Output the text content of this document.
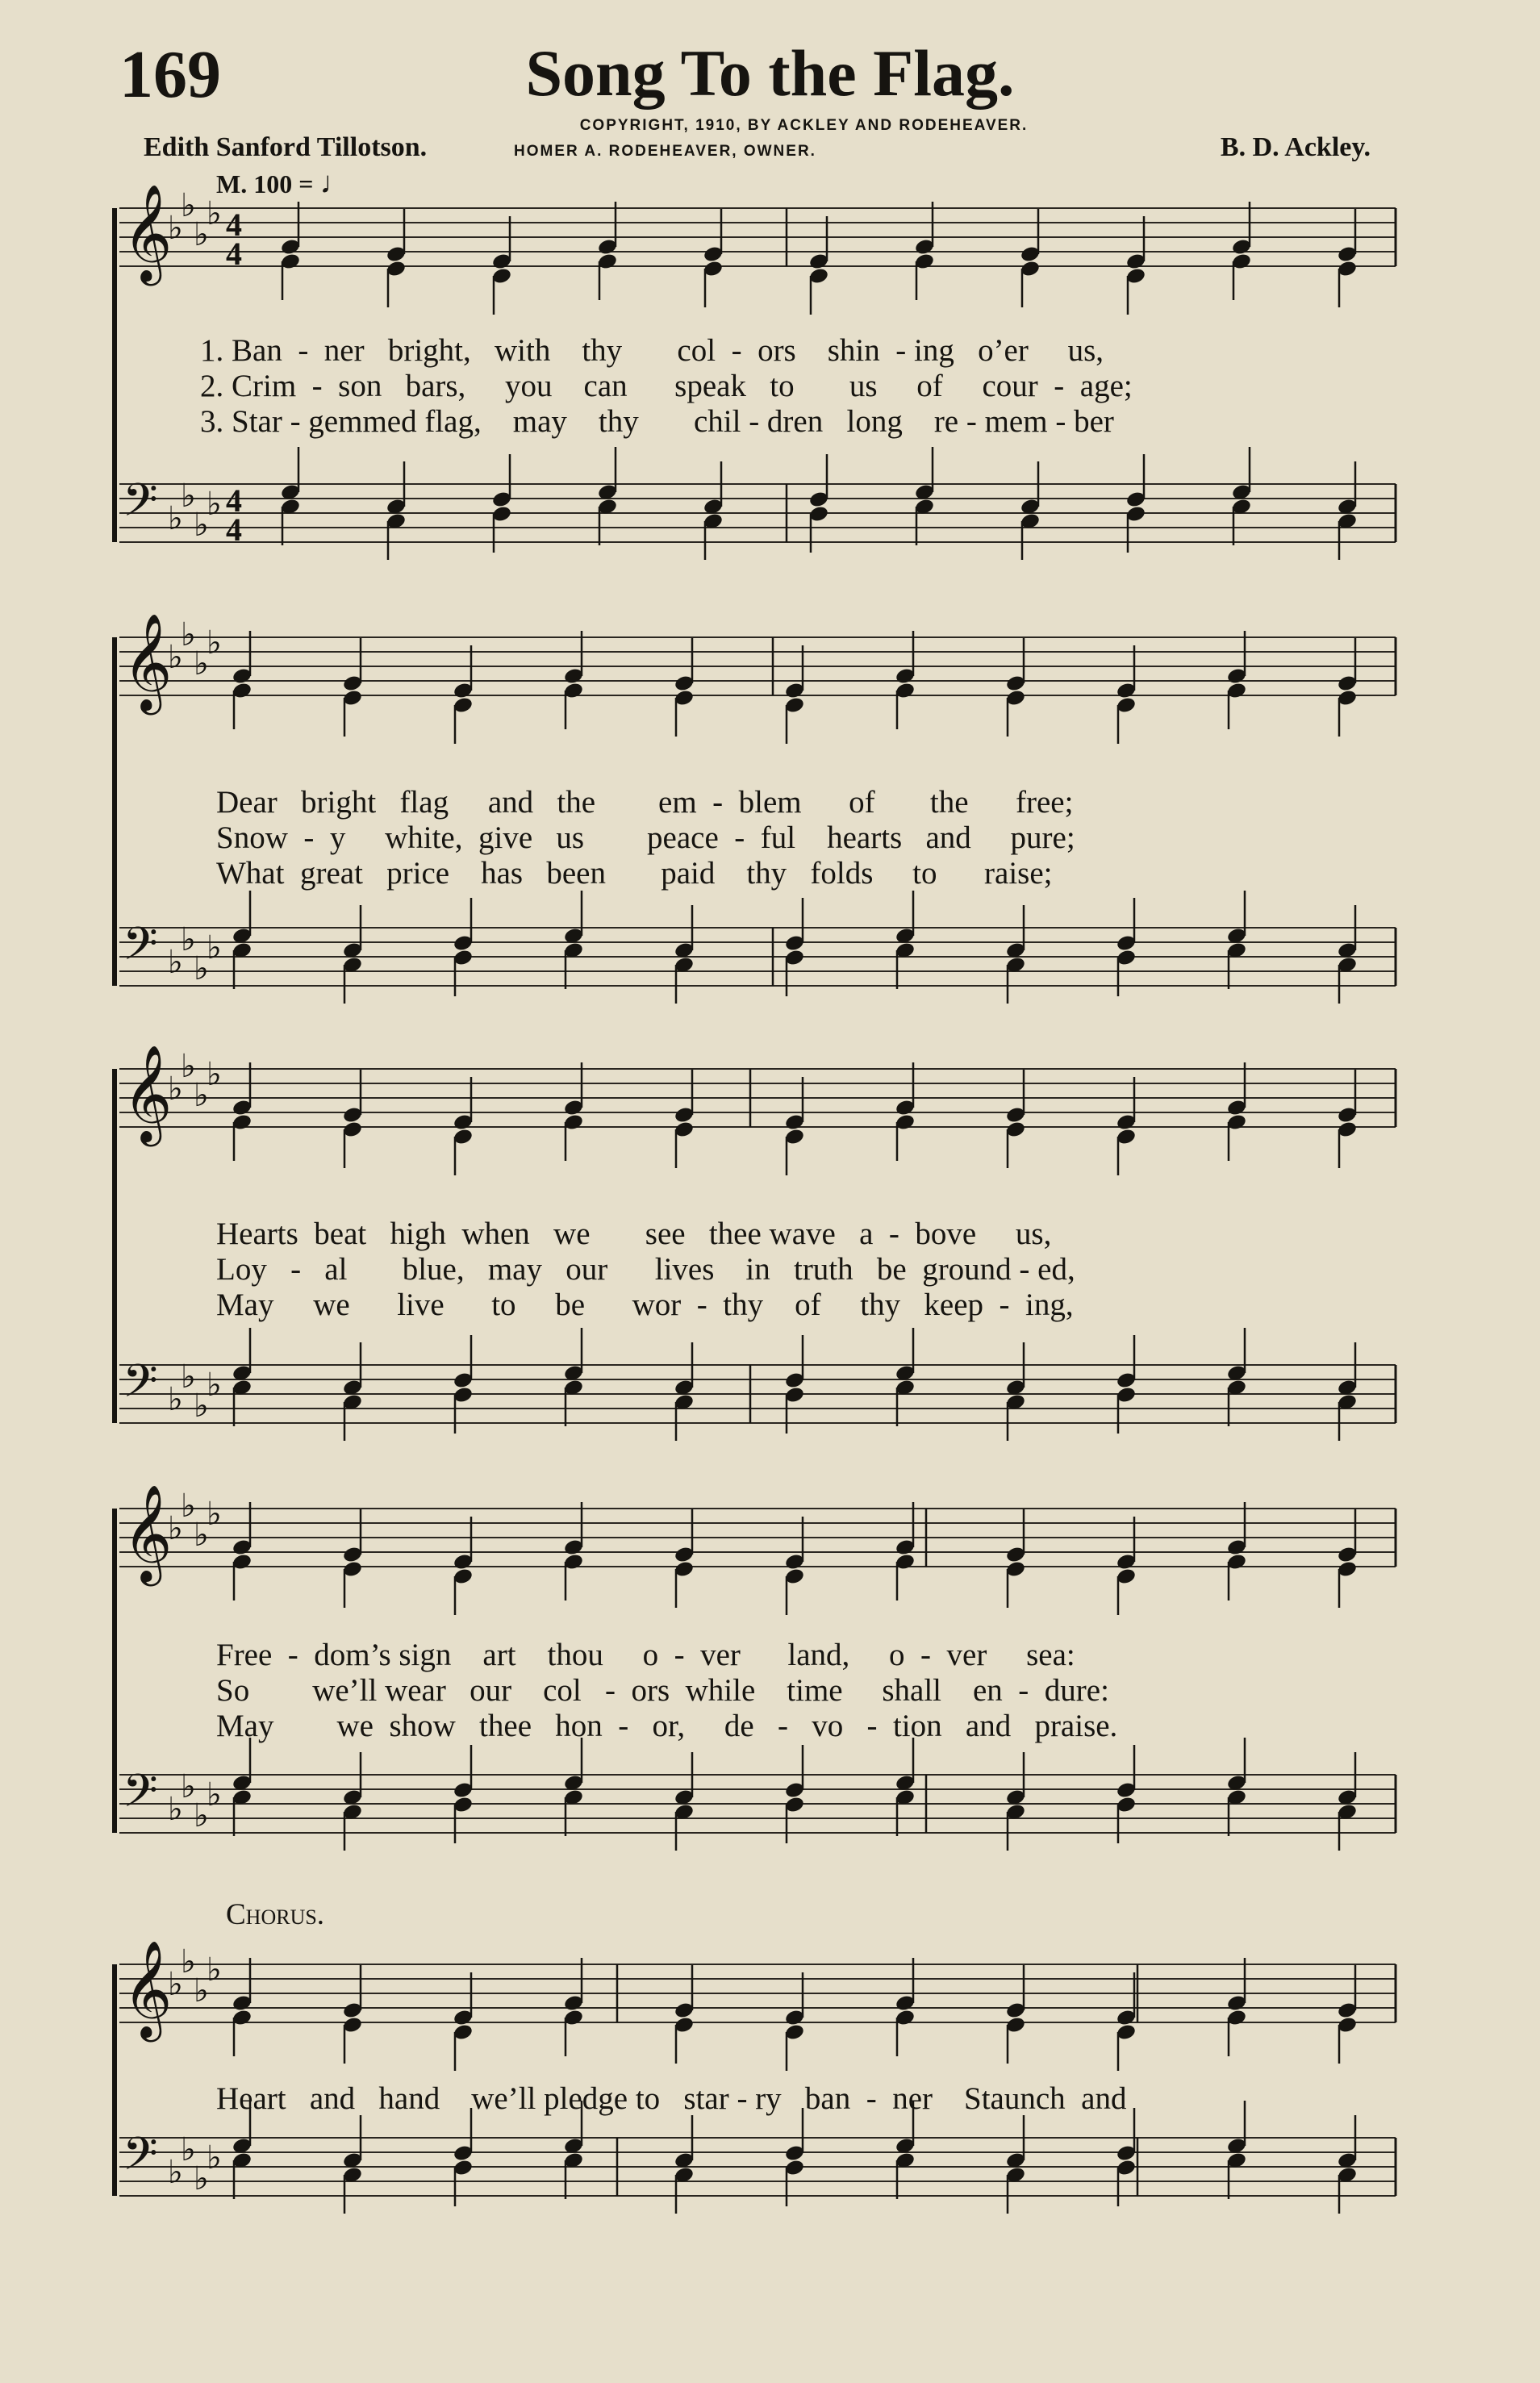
169	Song To the Flag.
COPYRIGHT, 1910, BY ACKLEY AND RODEHEAVER.
HOMER A. RODEHEAVER, OWNER.
Edith Sanford Tillotson.	B. D. Ackley.
M. 100 = ♩
𝄞
♭
♭
♭
♭ 4
4
𝄢 ♭
♭
♭
♭ 4
4
𝄞
♭
♭
♭
♭
𝄢 ♭
♭
♭
♭
𝄞
♭
♭
♭
♭
𝄢 ♭
♭
♭
♭
𝄞
♭
♭
♭
♭
𝄢 ♭
♭
♭
♭
𝄞
♭
♭
♭
♭
𝄢 ♭
♭
♭
♭
1. Ban  -  ner   bright,   with    thy       col  -  ors    shin  - ing   o’er     us,
2. Crim  -  son   bars,     you    can      speak   to       us     of     cour  -  age;
3. Star - gemmed flag,    may    thy       chil - dren   long    re - mem - ber
Dear   bright   flag     and   the        em  -  blem      of       the      free;
Snow  -  y     white,  give   us        peace  -  ful    hearts   and     pure;
What  great   price    has   been       paid    thy   folds     to      raise;
Hearts  beat   high  when   we       see   thee wave   a  -  bove     us,
Loy   -   al       blue,   may   our      lives    in   truth   be  ground - ed,
May     we      live      to     be      wor  -  thy    of     thy   keep  -  ing,
Free  -  dom’s sign    art    thou     o  -  ver      land,     o  -  ver     sea:
So        we’ll wear   our    col   -  ors  while    time     shall    en  -  dure:
May        we  show   thee   hon  -   or,     de   -   vo   -  tion   and   praise.
Heart   and   hand    we’ll pledge to   star - ry   ban  -  ner    Staunch  and
Chorus.
